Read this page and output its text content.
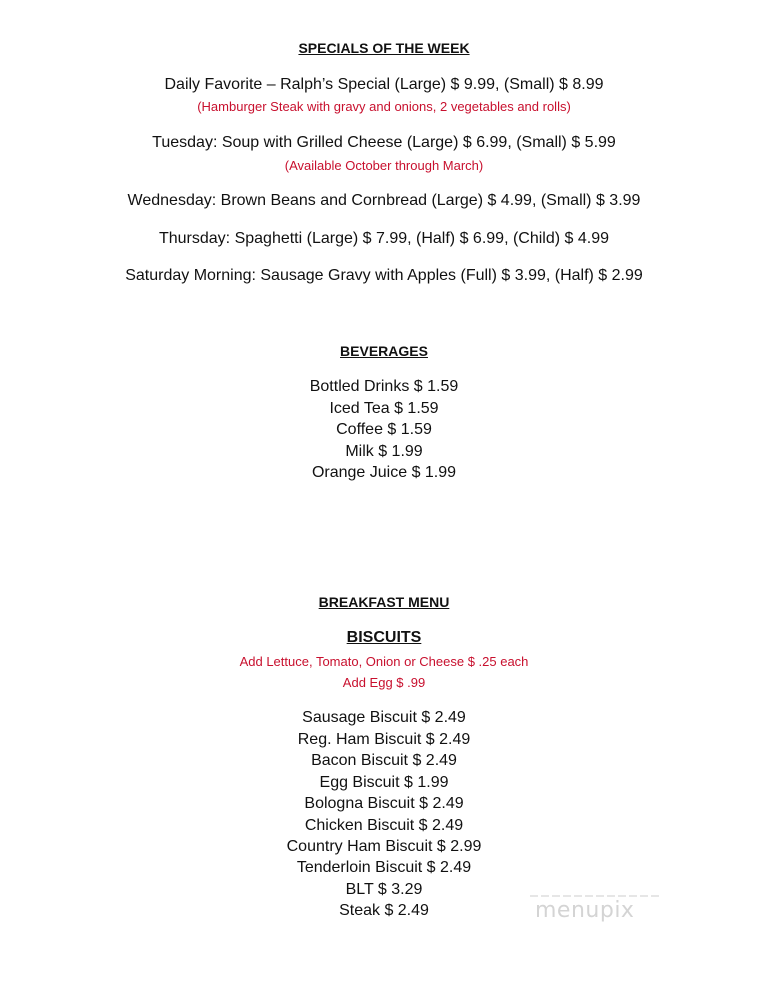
SPECIALS OF THE WEEK
Daily Favorite – Ralph’s Special (Large) $ 9.99, (Small) $ 8.99
(Hamburger Steak with gravy and onions, 2 vegetables and rolls)
Tuesday: Soup with Grilled Cheese (Large) $ 6.99, (Small) $ 5.99
(Available October through March)
Wednesday: Brown Beans and Cornbread (Large) $ 4.99, (Small) $ 3.99
Thursday: Spaghetti (Large) $ 7.99, (Half) $ 6.99, (Child) $ 4.99
Saturday Morning: Sausage Gravy with Apples (Full) $ 3.99, (Half) $ 2.99
BEVERAGES
Bottled Drinks $ 1.59
Iced Tea $ 1.59
Coffee $ 1.59
Milk $ 1.99
Orange Juice $ 1.99
BREAKFAST MENU
BISCUITS
Add Lettuce, Tomato, Onion or Cheese $ .25 each
Add Egg $ .99
Sausage Biscuit $ 2.49
Reg. Ham Biscuit $ 2.49
Bacon Biscuit $ 2.49
Egg Biscuit $ 1.99
Bologna Biscuit $ 2.49
Chicken Biscuit $ 2.49
Country Ham Biscuit $ 2.99
Tenderloin Biscuit $ 2.49
BLT $ 3.29
Steak $ 2.49	menupix
